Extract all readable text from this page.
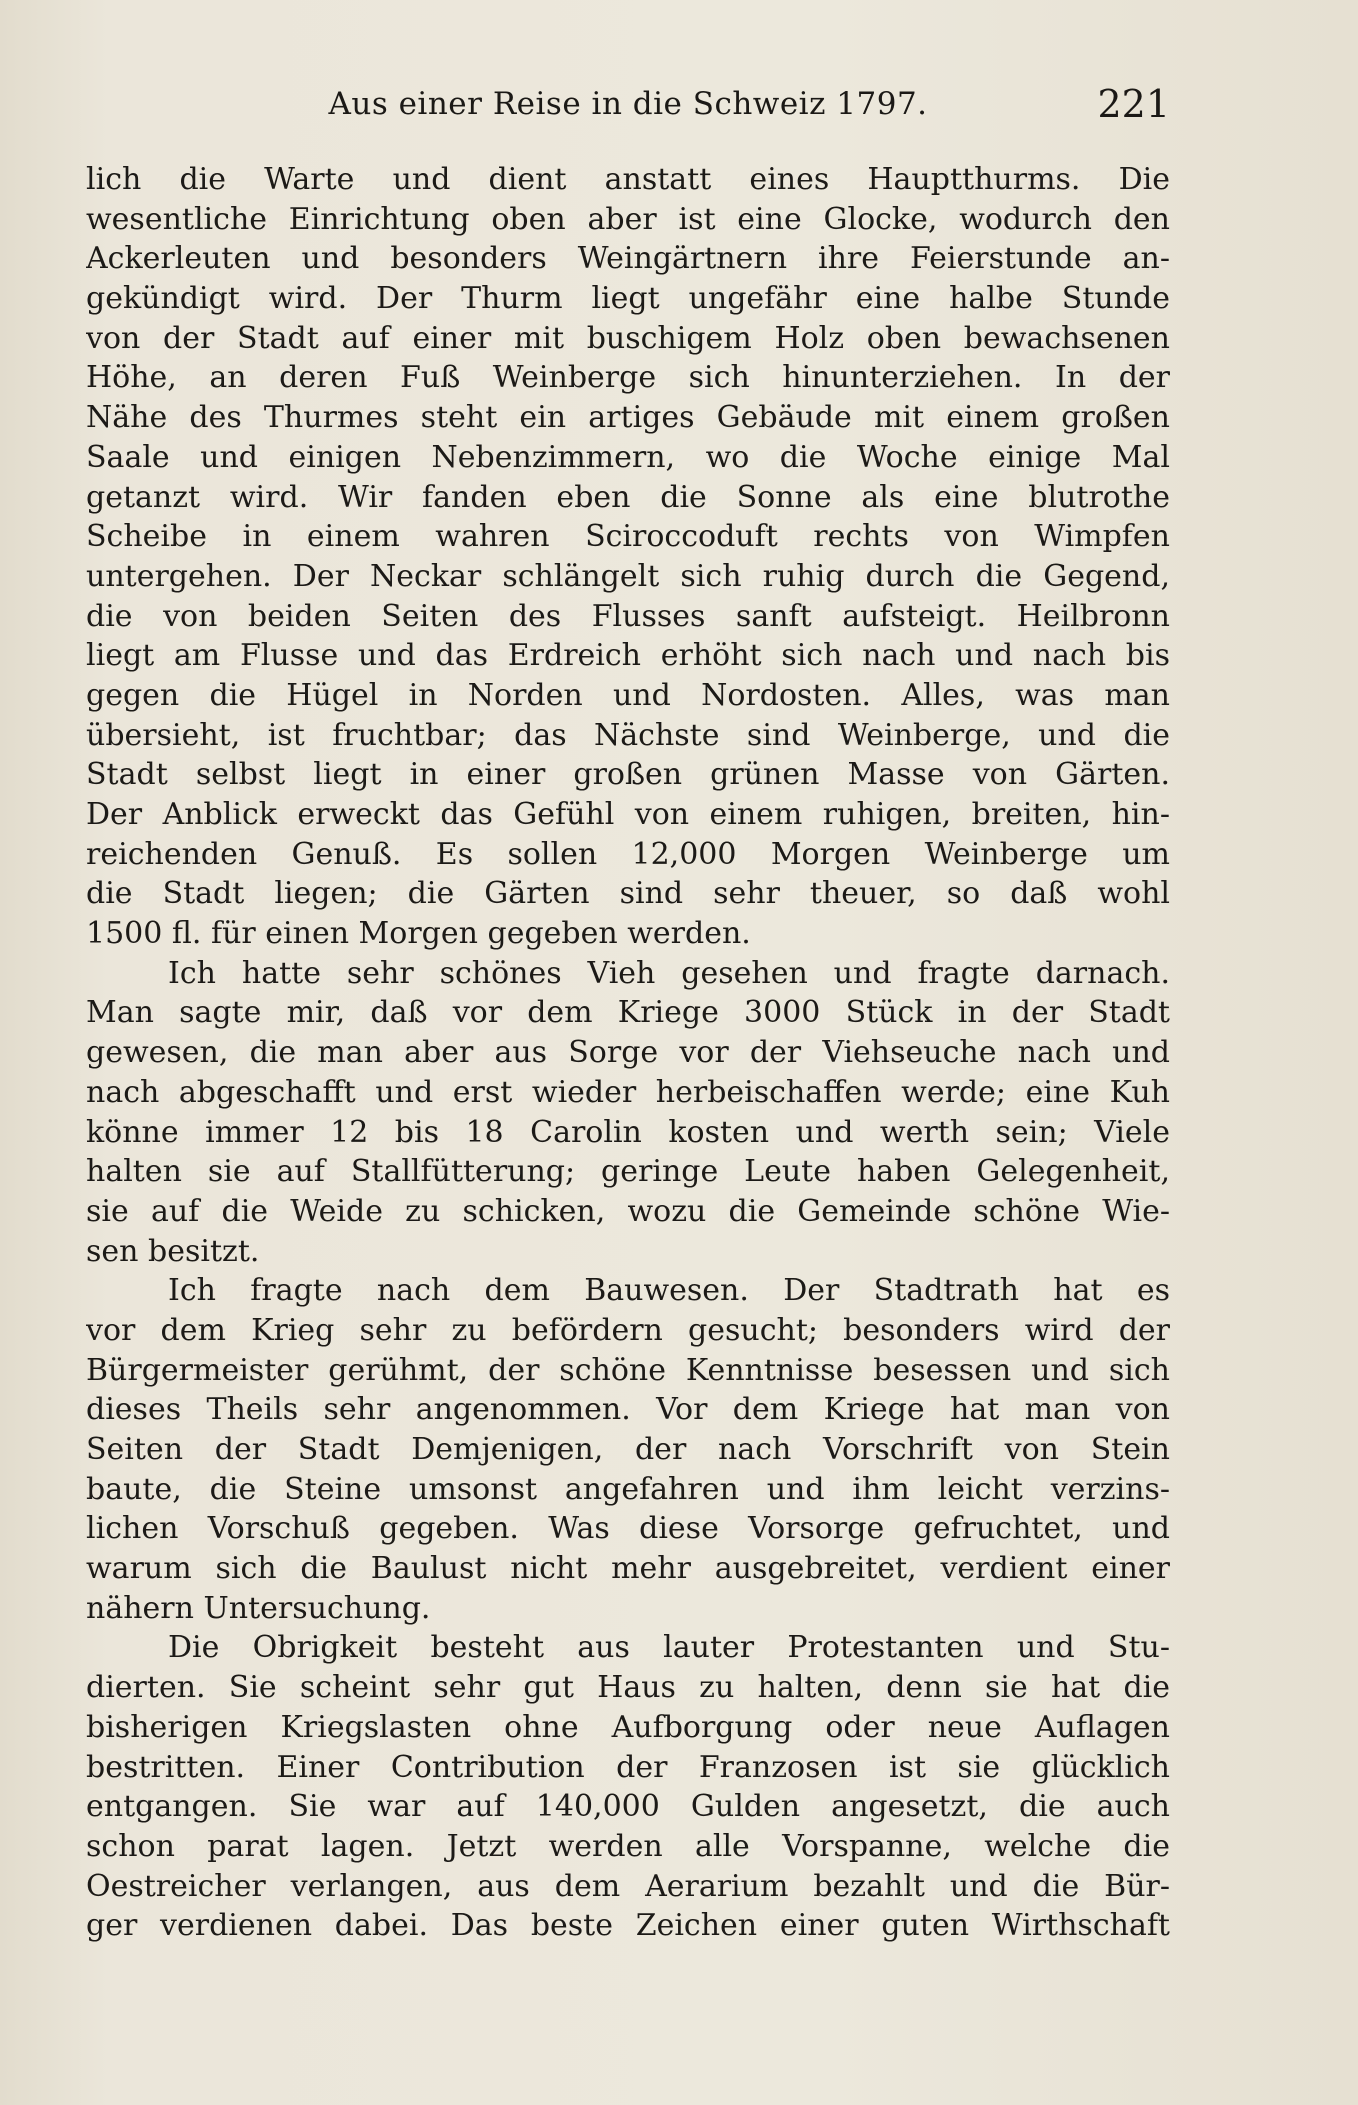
Aus einer Reise in die Schweiz 1797.	221
lich die Warte und dient anstatt eines Hauptthurms. Die
wesentliche Einrichtung oben aber ist eine Glocke, wodurch den
Ackerleuten und besonders Weingärtnern ihre Feierstunde an-
gekündigt wird. Der Thurm liegt ungefähr eine halbe Stunde
von der Stadt auf einer mit buschigem Holz oben bewachsenen
Höhe, an deren Fuß Weinberge sich hinunterziehen. In der
Nähe des Thurmes steht ein artiges Gebäude mit einem großen
Saale und einigen Nebenzimmern, wo die Woche einige Mal
getanzt wird. Wir fanden eben die Sonne als eine blutrothe
Scheibe in einem wahren Sciroccoduft rechts von Wimpfen
untergehen. Der Neckar schlängelt sich ruhig durch die Gegend,
die von beiden Seiten des Flusses sanft aufsteigt. Heilbronn
liegt am Flusse und das Erdreich erhöht sich nach und nach bis
gegen die Hügel in Norden und Nordosten. Alles, was man
übersieht, ist fruchtbar; das Nächste sind Weinberge, und die
Stadt selbst liegt in einer großen grünen Masse von Gärten.
Der Anblick erweckt das Gefühl von einem ruhigen, breiten, hin-
reichenden Genuß. Es sollen 12,000 Morgen Weinberge um
die Stadt liegen; die Gärten sind sehr theuer, so daß wohl
1500 fl. für einen Morgen gegeben werden.
Ich hatte sehr schönes Vieh gesehen und fragte darnach.
Man sagte mir, daß vor dem Kriege 3000 Stück in der Stadt
gewesen, die man aber aus Sorge vor der Viehseuche nach und
nach abgeschafft und erst wieder herbeischaffen werde; eine Kuh
könne immer 12 bis 18 Carolin kosten und werth sein; Viele
halten sie auf Stallfütterung; geringe Leute haben Gelegenheit,
sie auf die Weide zu schicken, wozu die Gemeinde schöne Wie-
sen besitzt.
Ich fragte nach dem Bauwesen. Der Stadtrath hat es
vor dem Krieg sehr zu befördern gesucht; besonders wird der
Bürgermeister gerühmt, der schöne Kenntnisse besessen und sich
dieses Theils sehr angenommen. Vor dem Kriege hat man von
Seiten der Stadt Demjenigen, der nach Vorschrift von Stein
baute, die Steine umsonst angefahren und ihm leicht verzins-
lichen Vorschuß gegeben. Was diese Vorsorge gefruchtet, und
warum sich die Baulust nicht mehr ausgebreitet, verdient einer
nähern Untersuchung.
Die Obrigkeit besteht aus lauter Protestanten und Stu-
dierten. Sie scheint sehr gut Haus zu halten, denn sie hat die
bisherigen Kriegslasten ohne Aufborgung oder neue Auflagen
bestritten. Einer Contribution der Franzosen ist sie glücklich
entgangen. Sie war auf 140,000 Gulden angesetzt, die auch
schon parat lagen. Jetzt werden alle Vorspanne, welche die
Oestreicher verlangen, aus dem Aerarium bezahlt und die Bür-
ger verdienen dabei. Das beste Zeichen einer guten Wirthschaft
